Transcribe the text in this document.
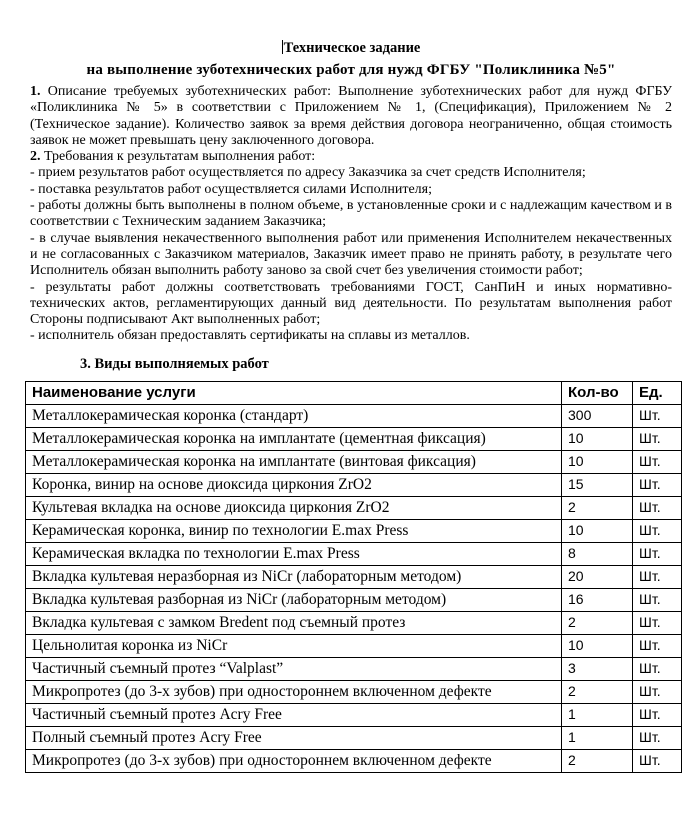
Техническое задание
на выполнение зуботехнических работ для нужд ФГБУ "Поликлиника №5"

1. Описание требуемых зуботехнических работ: Выполнение зуботехнических работ для нужд ФГБУ «Поликлиника № 5» в соответствии с Приложением № 1, (Спецификация), Приложением № 2 (Техническое задание). Количество заявок за время действия договора неограниченно, общая стоимость заявок не может превышать цену заключенного договора.

2. Требования к результатам выполнения работ:

- прием результатов работ осуществляется по адресу Заказчика за счет средств Исполнителя;

- поставка результатов работ осуществляется силами Исполнителя;

- работы должны быть выполнены в полном объеме, в установленные сроки и с надлежащим качеством и в соответствии с Техническим заданием Заказчика;

- в случае выявления некачественного выполнения работ или применения Исполнителем некачественных и не согласованных с Заказчиком материалов, Заказчик имеет право не принять работу, в результате чего Исполнитель обязан выполнить работу заново за свой счет без увеличения стоимости работ;

- результаты работ должны соответствовать требованиями ГОСТ, СанПиН и иных нормативно-технических актов, регламентирующих данный вид деятельности. По результатам выполнения работ Стороны подписывают Акт выполненных работ;

- исполнитель обязан предоставлять сертификаты на сплавы из металлов.

3. Виды выполняемых работ
Наименование услуги	Кол-во	Ед.
Металлокерамическая коронка (стандарт)	300	Шт.
Металлокерамическая коронка на имплантате (цементная фиксация)	10	Шт.
Металлокерамическая коронка на имплантате (винтовая фиксация)	10	Шт.
Коронка, винир на основе диоксида циркония ZrO2	15	Шт.
Культевая вкладка на основе диоксида циркония ZrO2	2	Шт.
Керамическая коронка, винир по технологии E.max Press	10	Шт.
Керамическая вкладка по технологии E.max Press	8	Шт.
Вкладка культевая неразборная из NiCr (лабораторным методом)	20	Шт.
Вкладка культевая разборная из NiCr (лабораторным методом)	16	Шт.
Вкладка культевая с замком Bredent под съемный протез	2	Шт.
Цельнолитая коронка из NiCr	10	Шт.
Частичный съемный протез “Valplast”	3	Шт.
Микропротез (до 3-х зубов) при одностороннем включенном дефекте	2	Шт.
Частичный съемный протез Acry Free	1	Шт.
Полный съемный протез Acry Free	1	Шт.
Микропротез (до 3-х зубов) при одностороннем включенном дефекте	2	Шт.
